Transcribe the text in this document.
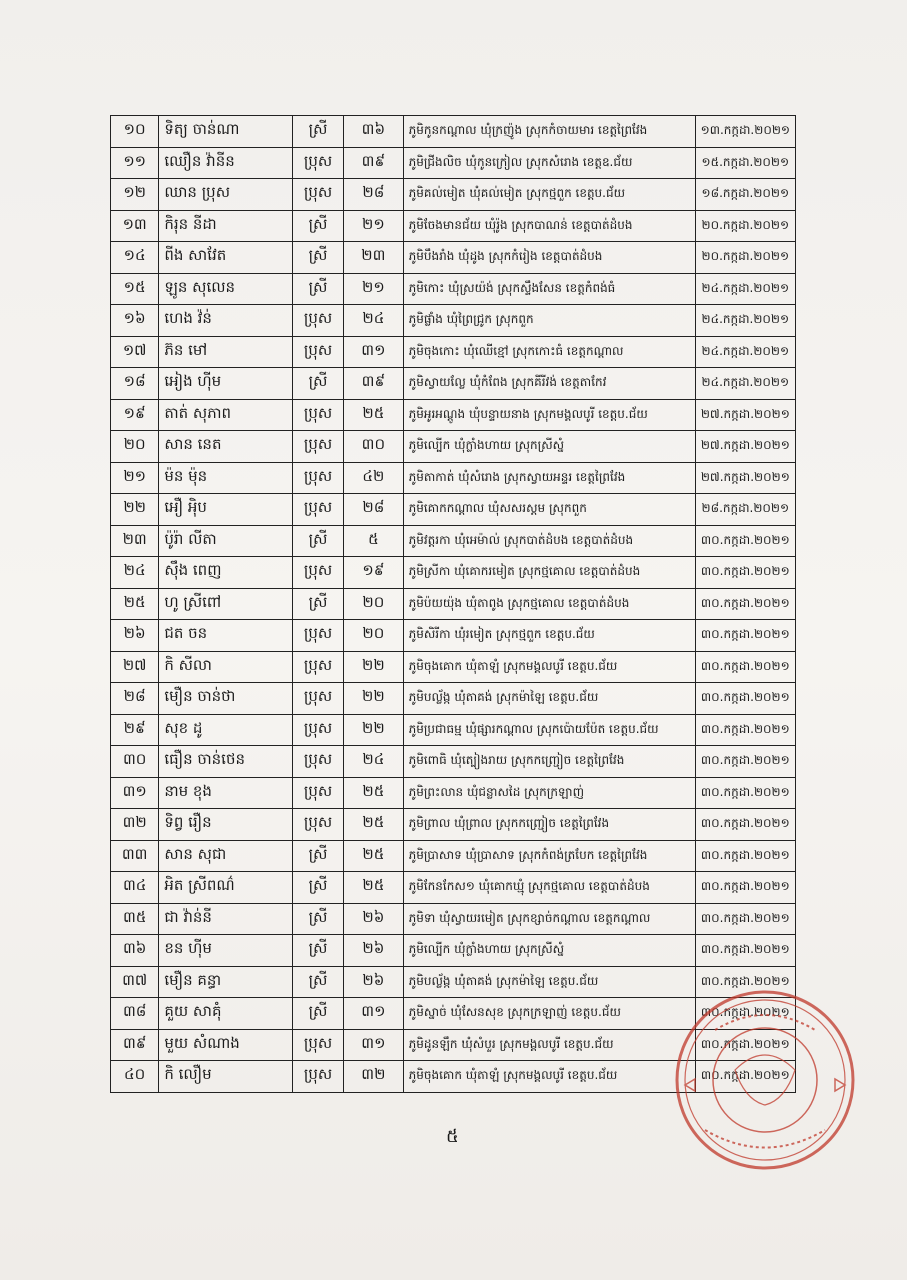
១០	ទិត្យ ចាន់ណា	ស្រី	៣៦	ភូមិកូនកណ្ដាល ឃុំក្រញ៉ូង ស្រុកកំចាយមារ ខេត្តព្រៃវែង	១៣.កក្កដា.២០២១
១១	ឈឿន វ៉ានីន	ប្រុស	៣៩	ភូមិជ្រីងលិច ឃុំកូនក្រៀល ស្រុកសំរោង ខេត្តឧ.ជ័យ	១៥.កក្កដា.២០២១
១២	ឈាន ប្រុស	ប្រុស	២៨	ភូមិគល់មៀត ឃុំគល់មៀត ស្រុកថ្មពួក ខេត្តប.ជ័យ	១៨.កក្កដា.២០២១
១៣	កិរុន នីដា	ស្រី	២១	ភូមិចែងមានជ័យ ឃុំរ៉ូង ស្រុកបាណន់ ខេត្តបាត់ដំបង	២០.កក្កដា.២០២១
១៤	ពីង សាវែត	ស្រី	២៣	ភូមិបឹងរាំង ឃុំដូង ស្រុកកំរៀង ខេត្តបាត់ដំបង	២០.កក្កដា.២០២១
១៥	ឡូន សុលេន	ស្រី	២១	ភូមិកោះ ឃុំស្រយ៉ង់ ស្រុកស្ទឹងសែន ខេត្តកំពង់ធំ	២៤.កក្កដា.២០២១
១៦	ហេង វ៉ន់	ប្រុស	២៤	ភូមិផ្លាំង ឃុំព្រៃជ្រូក ស្រុកពួក	២៤.កក្កដា.២០២១
១៧	ភ៊ន មៅ	ប្រុស	៣១	ភូមិចុងកោះ ឃុំឈើខ្មៅ ស្រុកកោះធំ ខេត្តកណ្ដាល	២៤.កក្កដា.២០២១
១៨	អៀង ហ៊ីម	ស្រី	៣៩	ភូមិស្វាយល្លែ ឃុំកំពែង ស្រុកគីរីវង់ ខេត្តតាកែវ	២៤.កក្កដា.២០២១
១៩	តាត់ សុភាព	ប្រុស	២៥	ភូមិអូរអណ្ដូង ឃុំបន្ទាយនាង ស្រុកមង្គលបូរី ខេត្តប.ជ័យ	២៧.កក្កដា.២០២១
២០	សាន នេត	ប្រុស	៣០	ភូមិល្បើក ឃុំក្លាំងហាយ ស្រុកស្រីស្នំ	២៧.កក្កដា.២០២១
២១	ម៉ន ម៉ុន	ប្រុស	៤២	ភូមិតាកាត់ ឃុំសំរោង ស្រុកស្វាយអន្ទរ ខេត្តព្រៃវែង	២៧.កក្កដា.២០២១
២២	អឿ អុិប	ប្រុស	២៨	ភូមិគោកកណ្ដាល ឃុំសសរស្ដម ស្រុកពួក	២៨.កក្កដា.២០២១
២៣	ប៉ូរ៉ា លីតា	ស្រី	៥	ភូមិវត្តរកា ឃុំអេម៉ាល់ ស្រុកបាត់ដំបង ខេត្តបាត់ដំបង	៣០.កក្កដា.២០២១
២៤	ស៊ឹង ពេញ	ប្រុស	១៩	ភូមិស្រីកា ឃុំគោករមៀត ស្រុកថ្មគោល ខេត្តបាត់ដំបង	៣០.កក្កដា.២០២១
២៥	ហូ ស្រីពៅ	ស្រី	២០	ភូមិប៉យយ៉ុង ឃុំតាពូង ស្រុកថ្មគោល ខេត្តបាត់ដំបង	៣០.កក្កដា.២០២១
២៦	ជត ចន	ប្រុស	២០	ភូមិសិរីកា ឃុំរមៀត ស្រុកថ្មពួក ខេត្តប.ជ័យ	៣០.កក្កដា.២០២១
២៧	កិ សីលា	ប្រុស	២២	ភូមិចុងគោក ឃុំតាឡំ ស្រុកមង្គលបូរី ខេត្តប.ជ័យ	៣០.កក្កដា.២០២១
២៨	មឿន ចាន់ថា	ប្រុស	២២	ភូមិបល្ល័ង្ក ឃុំតាគង់ ស្រុកម៉ាឡៃ ខេត្តប.ជ័យ	៣០.កក្កដា.២០២១
២៩	សុខ ដូ	ប្រុស	២២	ភូមិប្រជាធម្ម ឃុំផ្សារកណ្ដាល ស្រុកប៉ោយប៉ែត ខេត្តប.ជ័យ	៣០.កក្កដា.២០២១
៣០	ធឿន ចាន់ថេន	ប្រុស	២៤	ភូមិពោធិ ឃុំត្បៀងរាយ ស្រុកកញ្ជ្រៀច ខេត្តព្រៃវែង	៣០.កក្កដា.២០២១
៣១	នាម ខុង	ប្រុស	២៥	ភូមិព្រះលាន ឃុំជន្លាសដៃ ស្រុកក្រឡាញ់	៣០.កក្កដា.២០២១
៣២	ទិព្វ រឿន	ប្រុស	២៥	ភូមិព្រាល ឃុំព្រាល ស្រុកកញ្ជ្រៀច ខេត្តព្រៃវែង	៣០.កក្កដា.២០២១
៣៣	សាន សុជា	ស្រី	២៥	ភូមិប្រាសាទ ឃុំប្រាសាទ ស្រុកកំពង់ត្របែក ខេត្តព្រៃវែង	៣០.កក្កដា.២០២១
៣៤	អិត ស្រីពណ៌	ស្រី	២៥	ភូមិកែនកែស១ ឃុំគោកឃ្មុំ ស្រុកថ្មគោល ខេត្តបាត់ដំបង	៣០.កក្កដា.២០២១
៣៥	ជា វ៉ាន់នី	ស្រី	២៦	ភូមិទា ឃុំស្វាយរមៀត ស្រុកខ្សាច់កណ្ដាល ខេត្តកណ្ដាល	៣០.កក្កដា.២០២១
៣៦	ខន ហ៊ីម	ស្រី	២៦	ភូមិល្បើក ឃុំក្លាំងហាយ ស្រុកស្រីស្នំ	៣០.កក្កដា.២០២១
៣៧	មឿន គន្ធា	ស្រី	២៦	ភូមិបល្ល័ង្ក ឃុំតាគង់ ស្រុកម៉ាឡៃ ខេត្តប.ជ័យ	៣០.កក្កដា.២០២១
៣៨	គួយ សាគុំ	ស្រី	៣១	ភូមិស្នាច់ ឃុំសែនសុខ ស្រុកក្រឡាញ់ ខេត្តប.ជ័យ	៣០.កក្កដា.២០២១
៣៩	មួយ សំណាង	ប្រុស	៣១	ភូមិដូនឡឹក ឃុំសំបួរ ស្រុកមង្គលបូរី ខេត្តប.ជ័យ	៣០.កក្កដា.២០២១
៤០	កិ លឿម	ប្រុស	៣២	ភូមិចុងគោក ឃុំតាឡំ ស្រុកមង្គលបូរី ខេត្តប.ជ័យ	៣០.កក្កដា.២០២១
៥
